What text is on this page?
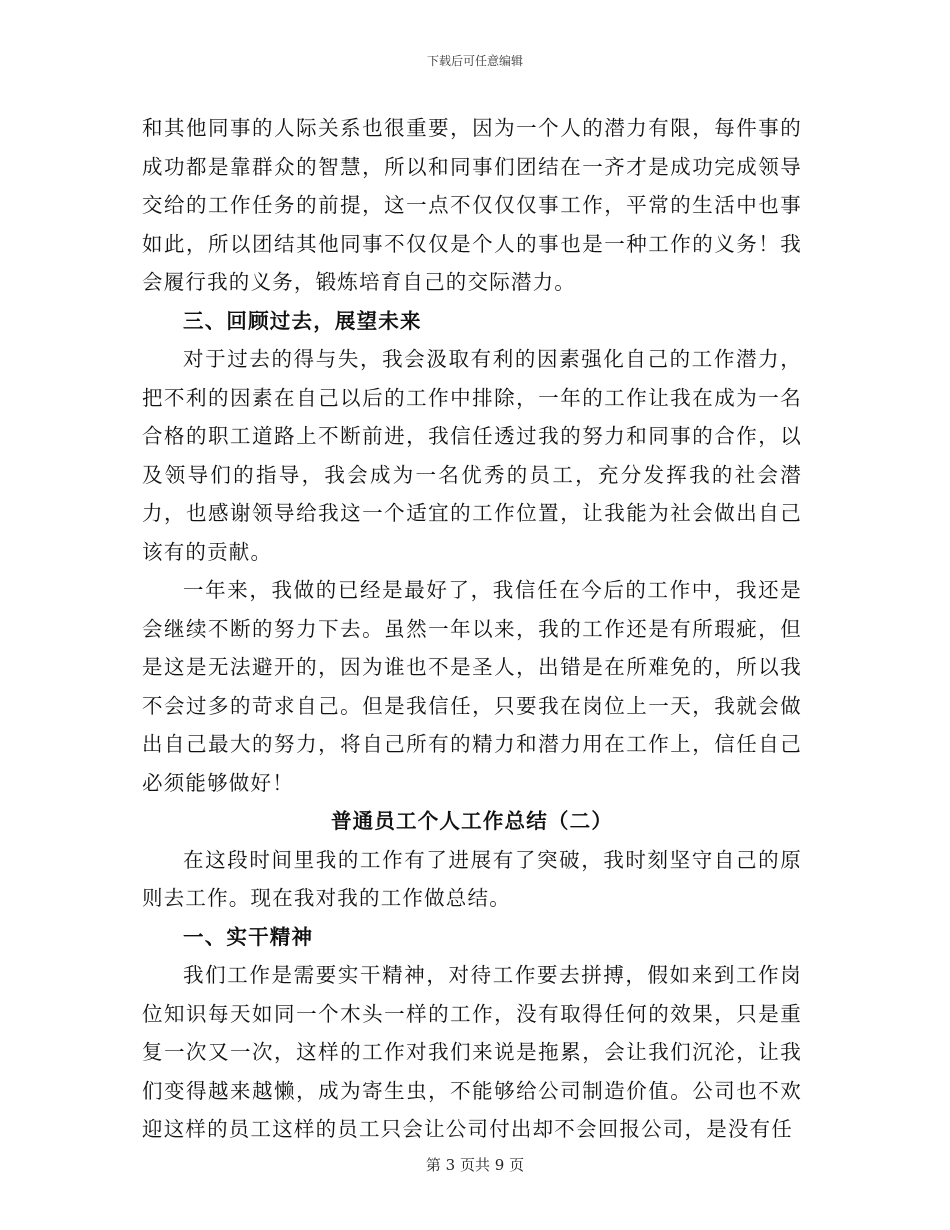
下载后可任意编辑

和其他同事的人际关系也很重要，因为一个人的潜力有限，每件事的成功都是靠群众的智慧，所以和同事们团结在一齐才是成功完成领导交给的工作任务的前提，这一点不仅仅仅事工作，平常的生活中也事如此，所以团结其他同事不仅仅是个人的事也是一种工作的义务！我会履行我的义务，锻炼培育自己的交际潜力。

三、回顾过去，展望未来

对于过去的得与失，我会汲取有利的因素强化自己的工作潜力，把不利的因素在自己以后的工作中排除，一年的工作让我在成为一名合格的职工道路上不断前进，我信任透过我的努力和同事的合作，以及领导们的指导，我会成为一名优秀的员工，充分发挥我的社会潜力，也感谢领导给我这一个适宜的工作位置，让我能为社会做出自己该有的贡献。

一年来，我做的已经是最好了，我信任在今后的工作中，我还是会继续不断的努力下去。虽然一年以来，我的工作还是有所瑕疵，但是这是无法避开的，因为谁也不是圣人，出错是在所难免的，所以我不会过多的苛求自己。但是我信任，只要我在岗位上一天，我就会做出自己最大的努力，将自己所有的精力和潜力用在工作上，信任自己必须能够做好！

普通员工个人工作总结（二）

在这段时间里我的工作有了进展有了突破，我时刻坚守自己的原则去工作。现在我对我的工作做总结。

一、实干精神

我们工作是需要实干精神，对待工作要去拼搏，假如来到工作岗位知识每天如同一个木头一样的工作，没有取得任何的效果，只是重复一次又一次，这样的工作对我们来说是拖累，会让我们沉沦，让我们变得越来越懒，成为寄生虫，不能够给公司制造价值。公司也不欢迎这样的员工这样的员工只会让公司付出却不会回报公司，是没有任

第 3 页共 9 页
